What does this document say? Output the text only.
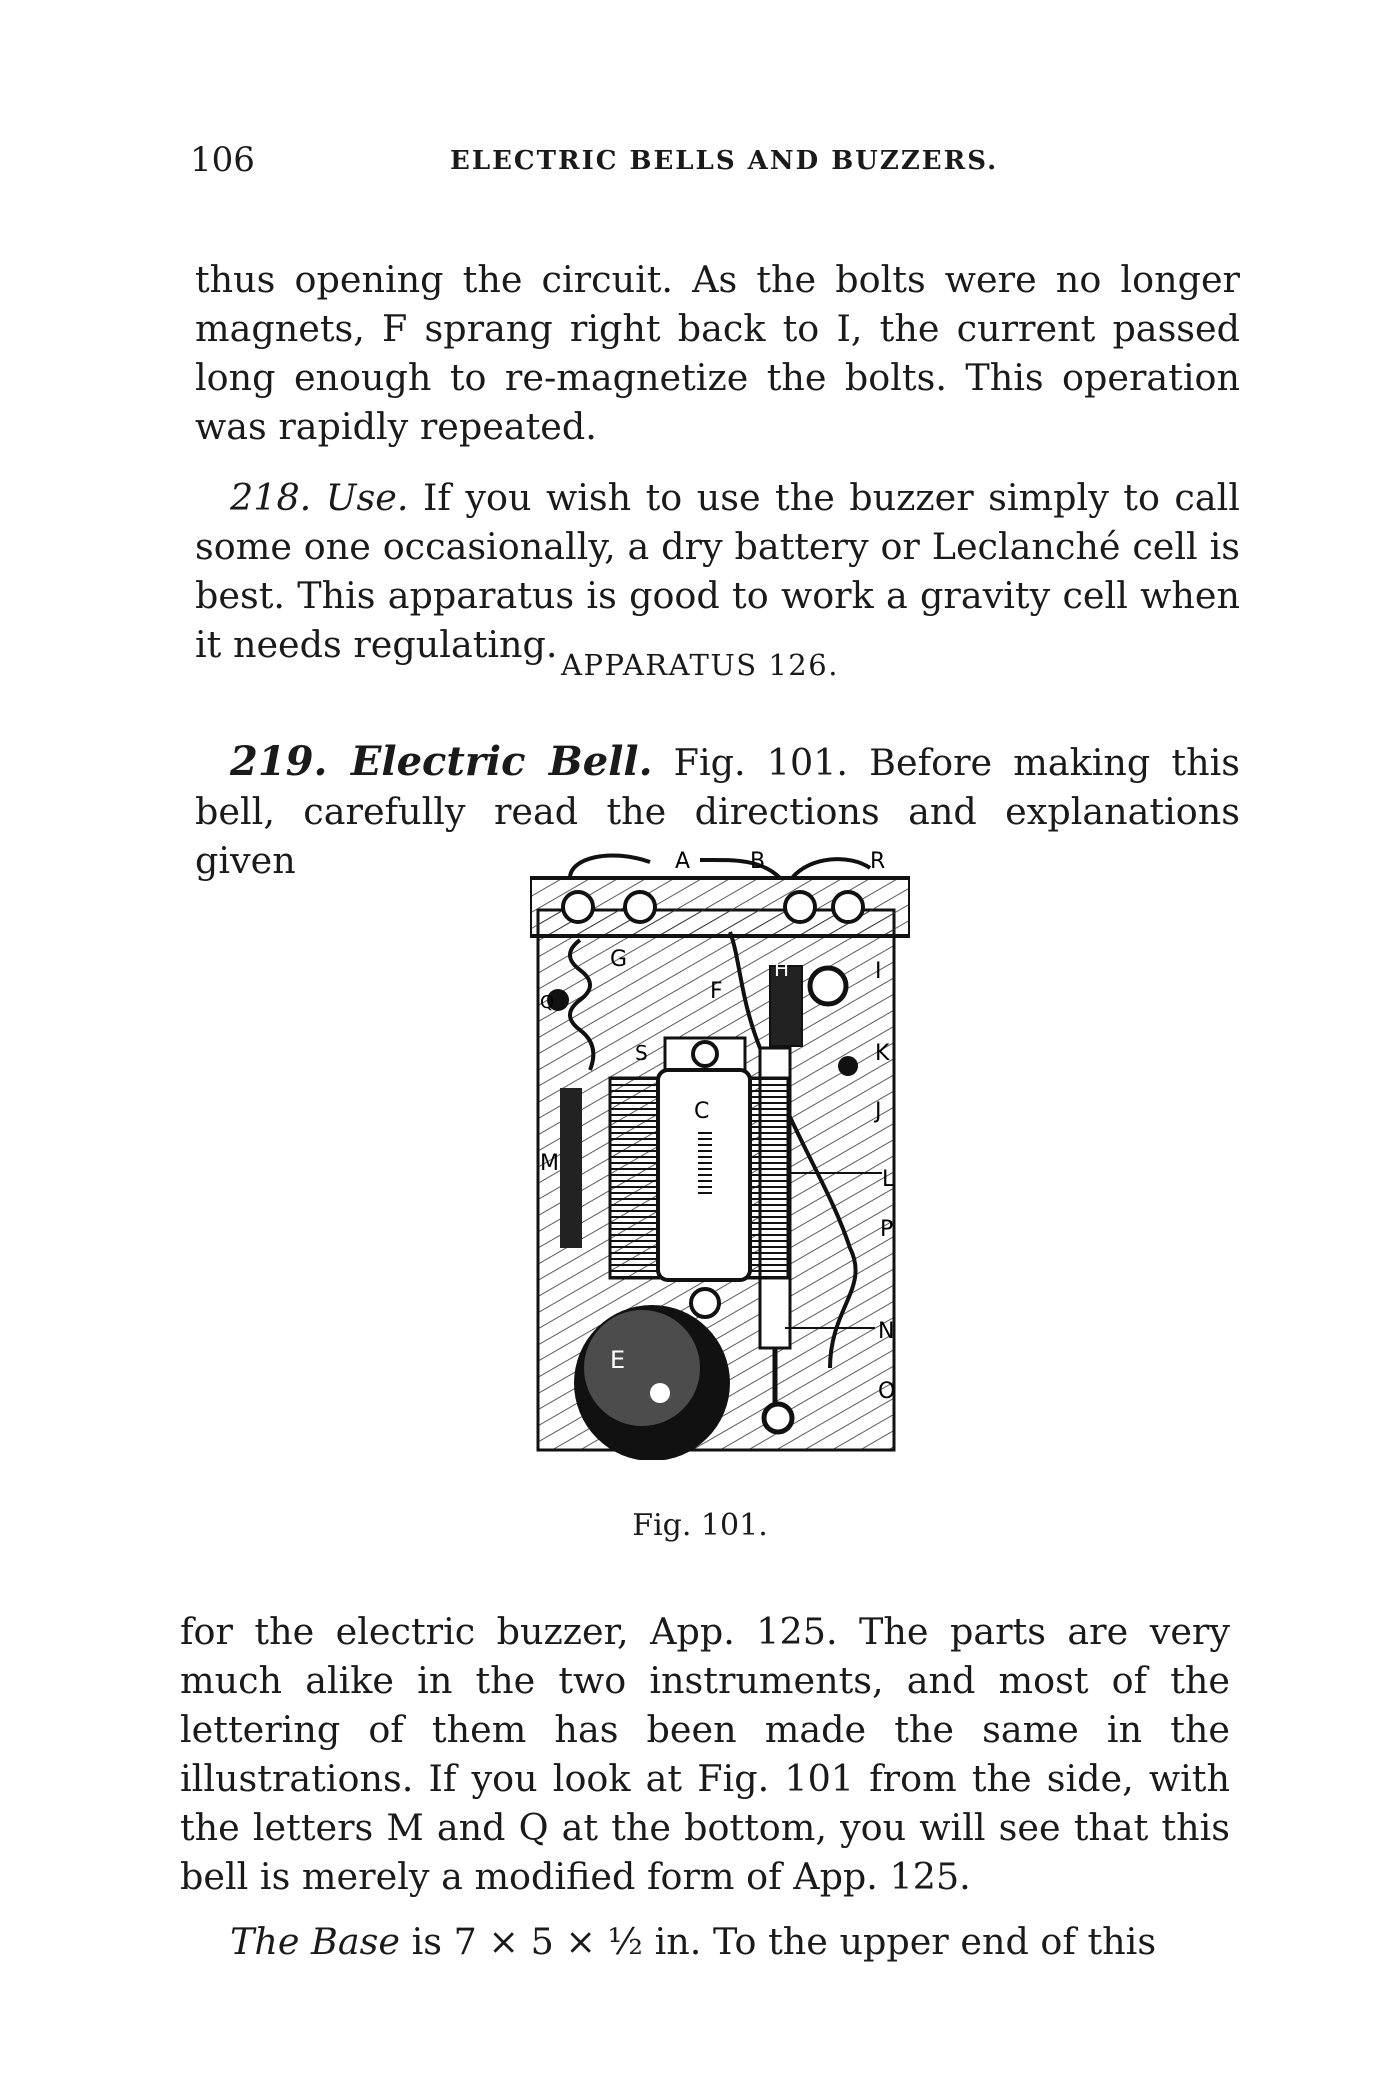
106	ELECTRIC BELLS AND BUZZERS.

thus opening the circuit. As the bolts were no longer magnets, F sprang right back to I, the current passed long enough to re-magnetize the bolts. This operation was rapidly repeated.

218. Use. If you wish to use the buzzer simply to call some one occasionally, a dry battery or Leclanché cell is best. This apparatus is good to work a gravity cell when it needs regulating. APPARATUS 126.

219. Electric Bell. Fig. 101. Before making this bell, carefully read the directions and explanations given	A	B	R
G
F
H	I
S	K
J
C
M
Q
L
P
N
E
O
Fig. 101.

for the electric buzzer, App. 125. The parts are very much alike in the two instruments, and most of the lettering of them has been made the same in the illustrations. If you look at Fig. 101 from the side, with the letters M and Q at the bottom, you will see that this bell is merely a modified form of App. 125.

The Base is 7 × 5 × ½ in. To the upper end of this
